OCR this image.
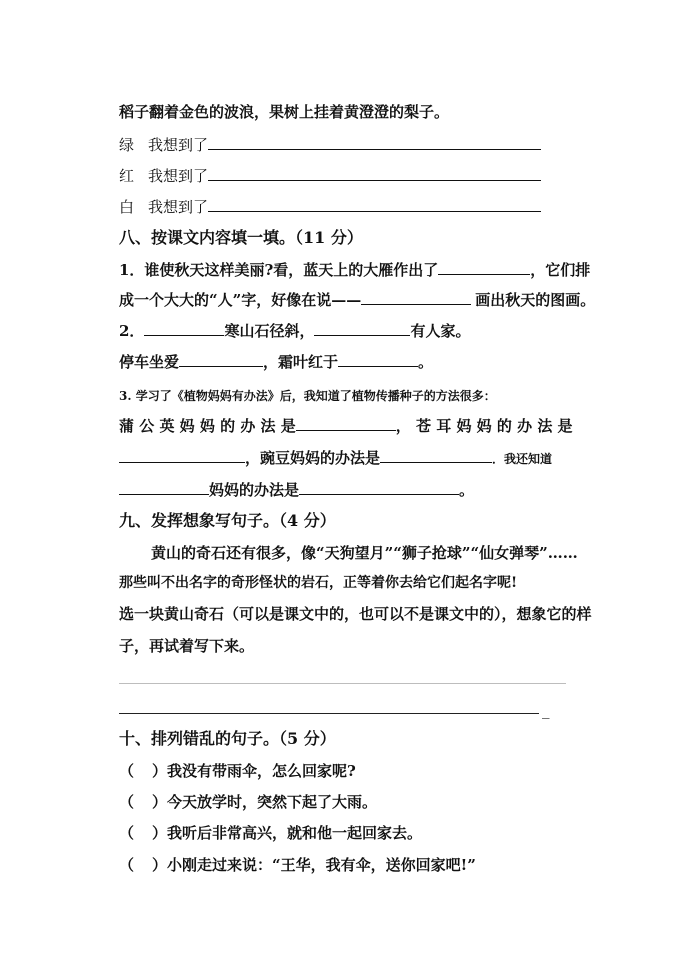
稻子翻着金色的波浪，果树上挂着黄澄澄的梨子。
绿 我想到了
红 我想到了
白 我想到了
八、按课文内容填一填。（11 分）
1．谁使秋天这样美丽?看，蓝天上的大雁作出了	，它们排
成一个大大的“人”字，好像在说——	画出秋天的图画。
2．	寒山石径斜，	有人家。
停车坐爱	，霜叶红于	。
3. 学习了《植物妈妈有办法》后，我知道了植物传播种子的方法很多：
蒲 公 英 妈 妈 的 办 法 是	， 苍 耳 妈 妈 的 办 法 是
，豌豆妈妈的办法是	．我还知道
妈妈的办法是	。
九、发挥想象写句子。（4 分）
黄山的奇石还有很多，像“天狗望月”“狮子抢球”“仙女弹琴”……
那些叫不出名字的奇形怪状的岩石，正等着你去给它们起名字呢!
选一块黄山奇石（可以是课文中的，也可以不是课文中的），想象它的样
子，再试着写下来。
_
十、排列错乱的句子。（5 分）
（ ）我没有带雨伞，怎么回家呢?
（ ）今天放学时，突然下起了大雨。
（ ）我听后非常高兴，就和他一起回家去。
（ ）小刚走过来说：“王华，我有伞，送你回家吧!”
